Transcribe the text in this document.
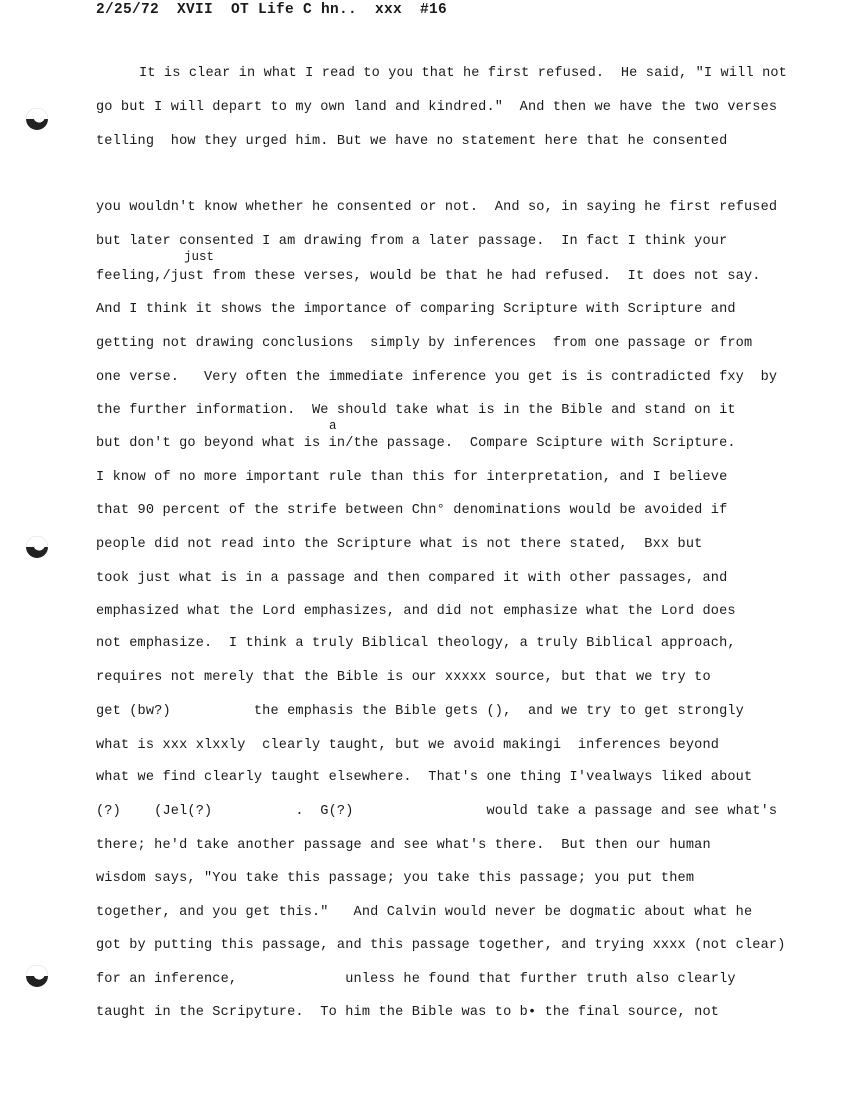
2/25/72  XVII  OT Life C hn..  xxx  #16
It is clear in what I read to you that he first refused.  He said, "I will not
go but I will depart to my own land and kindred."  And then we have the two verses
telling  how they urged him. But we have no statement here that he consented
you wouldn't know whether he consented or not.  And so, in saying he first refused
but later consented I am drawing from a later passage.  In fact I think your
just
feeling,/just from these verses, would be that he had refused.  It does not say.
And I think it shows the importance of comparing Scripture with Scripture and
getting not drawing conclusions  simply by inferences  from one passage or from
one verse.   Very often the immediate inference you get is is contradicted fxy  by
the further information.  We should take what is in the Bible and stand on it
a
but don't go beyond what is in/the passage.  Compare Scipture with Scripture.
I know of no more important rule than this for interpretation, and I believe
that 90 percent of the strife between Chn° denominations would be avoided if
people did not read into the Scripture what is not there stated,  Bxx but
took just what is in a passage and then compared it with other passages, and
emphasized what the Lord emphasizes, and did not emphasize what the Lord does
not emphasize.  I think a truly Biblical theology, a truly Biblical approach,
requires not merely that the Bible is our xxxxx source, but that we try to
get (bw?)          the emphasis the Bible gets (),  and we try to get strongly
what is xxx xlxxly  clearly taught, but we avoid makingi  inferences beyond
what we find clearly taught elsewhere.  That's one thing I'vealways liked about
(?)    (Jel(?)          .  G(?)                would take a passage and see what's
there; he'd take another passage and see what's there.  But then our human
wisdom says, "You take this passage; you take this passage; you put them
together, and you get this."   And Calvin would never be dogmatic about what he
got by putting this passage, and this passage together, and trying xxxx (not clear)
for an inference,             unless he found that further truth also clearly
taught in the Scripyture.  To him the Bible was to b• the final source, not
